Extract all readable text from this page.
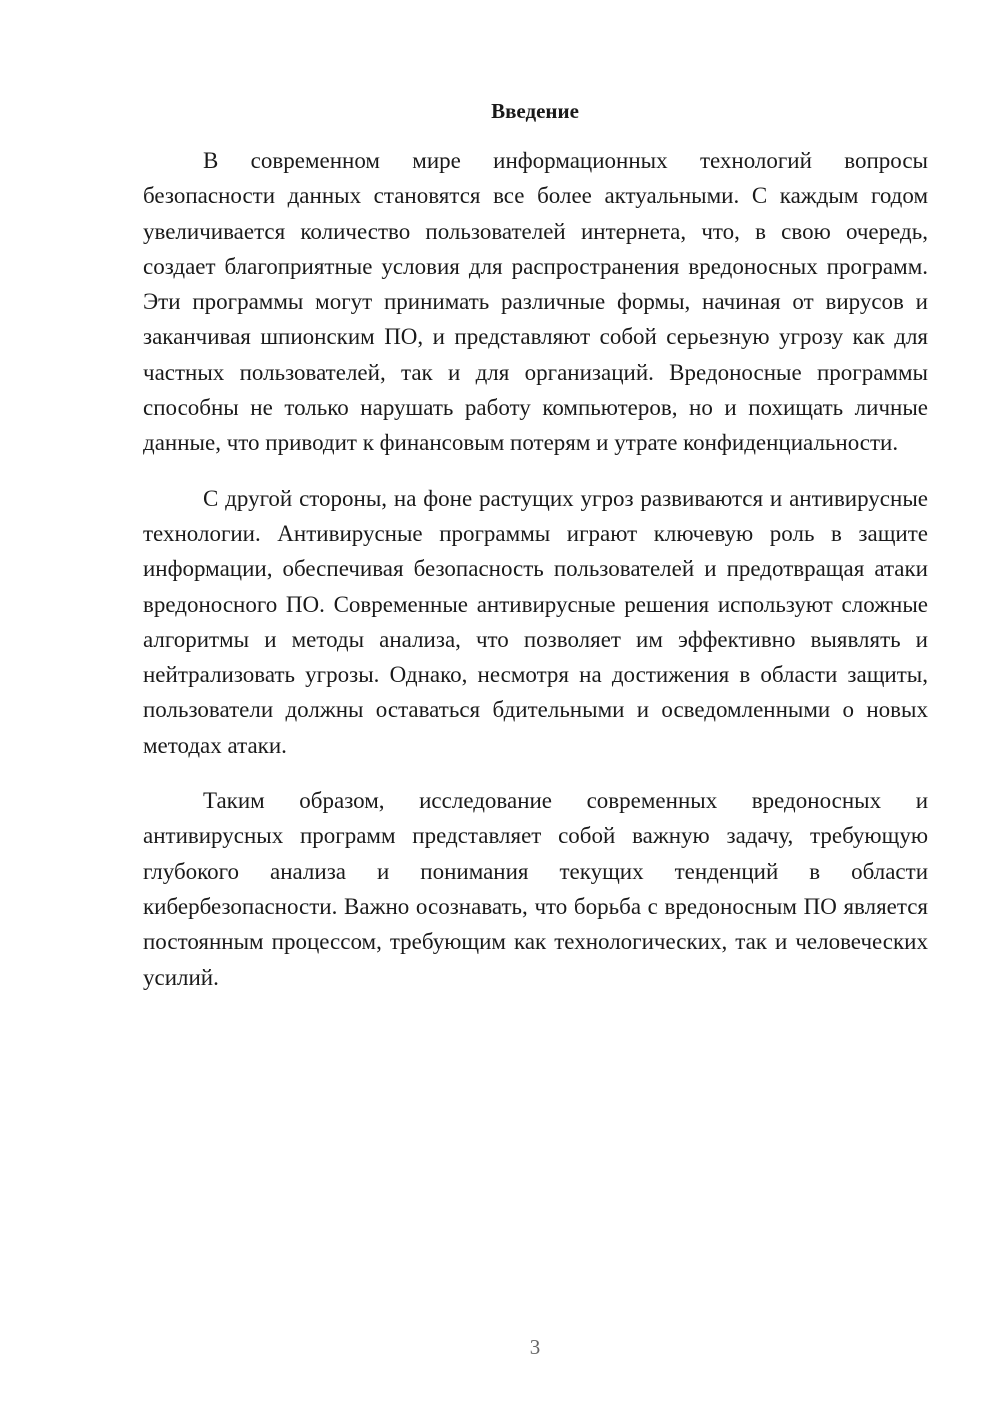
Введение

В современном мире информационных технологий вопросы безопасности данных становятся все более актуальными. С каждым годом увеличивается количество пользователей интернета, что, в свою очередь, создает благоприятные условия для распространения вредоносных программ. Эти программы могут принимать различные формы, начиная от вирусов и заканчивая шпионским ПО, и представляют собой серьезную угрозу как для частных пользователей, так и для организаций. Вредоносные программы способны не только нарушать работу компьютеров, но и похищать личные данные, что приводит к финансовым потерям и утрате конфиденциальности.

С другой стороны, на фоне растущих угроз развиваются и антивирусные технологии. Антивирусные программы играют ключевую роль в защите информации, обеспечивая безопасность пользователей и предотвращая атаки вредоносного ПО. Современные антивирусные решения используют сложные алгоритмы и методы анализа, что позволяет им эффективно выявлять и нейтрализовать угрозы. Однако, несмотря на достижения в области защиты, пользователи должны оставаться бдительными и осведомленными о новых методах атаки.

Таким образом, исследование современных вредоносных и антивирусных программ представляет собой важную задачу, требующую глубокого анализа и понимания текущих тенденций в области кибербезопасности. Важно осознавать, что борьба с вредоносным ПО является постоянным процессом, требующим как технологических, так и человеческих усилий.

3
